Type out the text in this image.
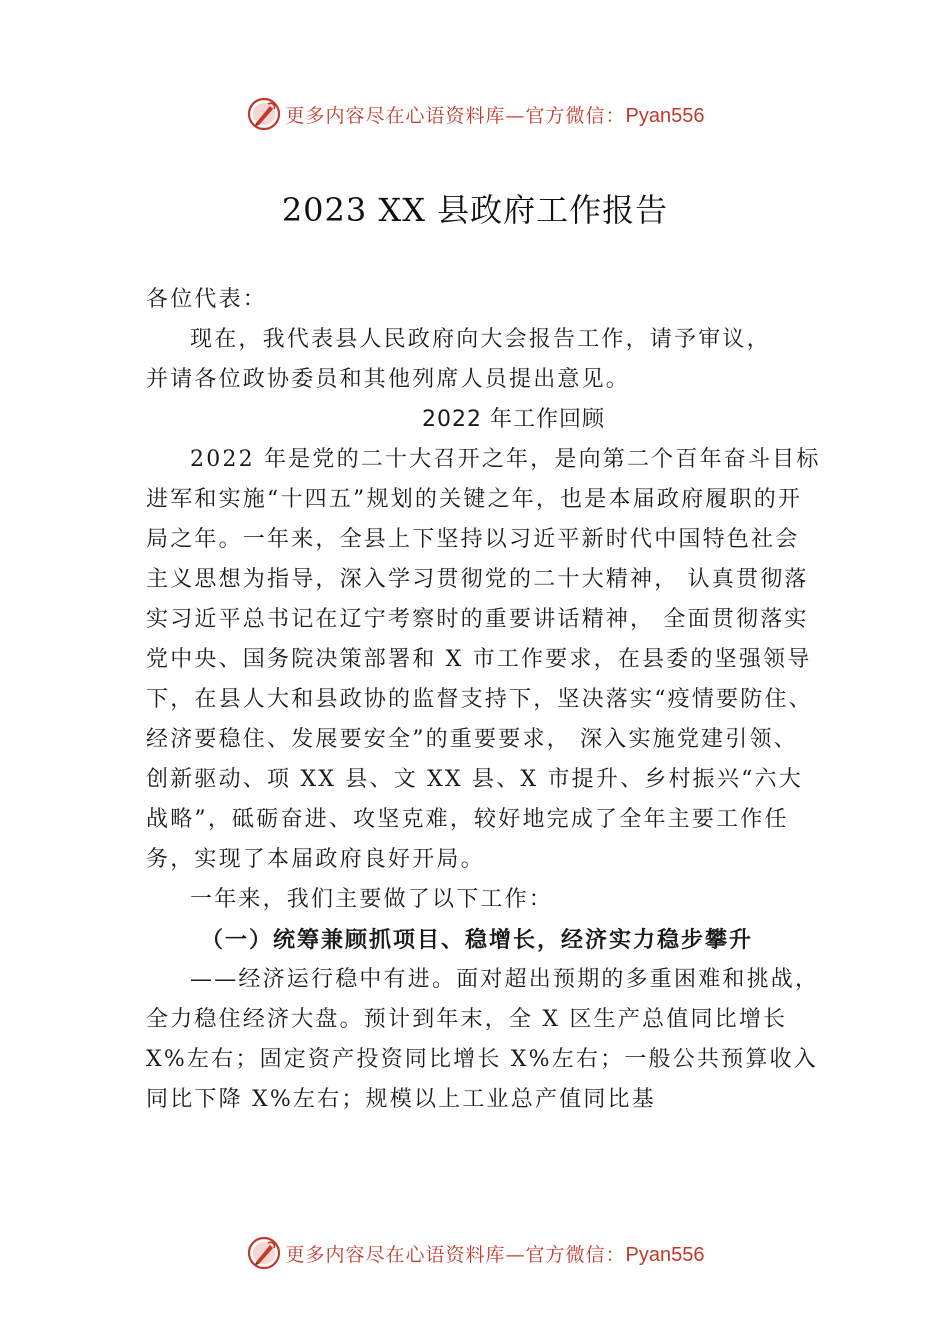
更多内容尽在心语资料库—官方微信：Pyan556
2023 XX 县政府工作报告

各位代表：

现在，我代表县人民政府向大会报告工作，请予审议，

并请各位政协委员和其他列席人员提出意见。

2022 年工作回顾

2022 年是党的二十大召开之年，是向第二个百年奋斗目标进军和实施“十四五”规划的关键之年，也是本届政府履职的开局之年。一年来，全县上下坚持以习近平新时代中国特色社会主义思想为指导，深入学习贯彻党的二十大精神， 认真贯彻落实习近平总书记在辽宁考察时的重要讲话精神， 全面贯彻落实党中央、国务院决策部署和 X 市工作要求，在县委的坚强领导下，在县人大和县政协的监督支持下，坚决落实“疫情要防住、经济要稳住、发展要安全”的重要要求， 深入实施党建引领、创新驱动、项 XX 县、文 XX 县、X 市提升、乡村振兴“六大战略”，砥砺奋进、攻坚克难，较好地完成了全年主要工作任务，实现了本届政府良好开局。

一年来，我们主要做了以下工作：

（一）统筹兼顾抓项目、稳增长，经济实力稳步攀升

——经济运行稳中有进。面对超出预期的多重困难和挑战，全力稳住经济大盘。预计到年末，全 X 区生产总值同比增长 X%左右；固定资产投资同比增长 X%左右；一般公共预算收入同比下降 X%左右；规模以上工业总产值同比基

更多内容尽在心语资料库—官方微信：Pyan556
